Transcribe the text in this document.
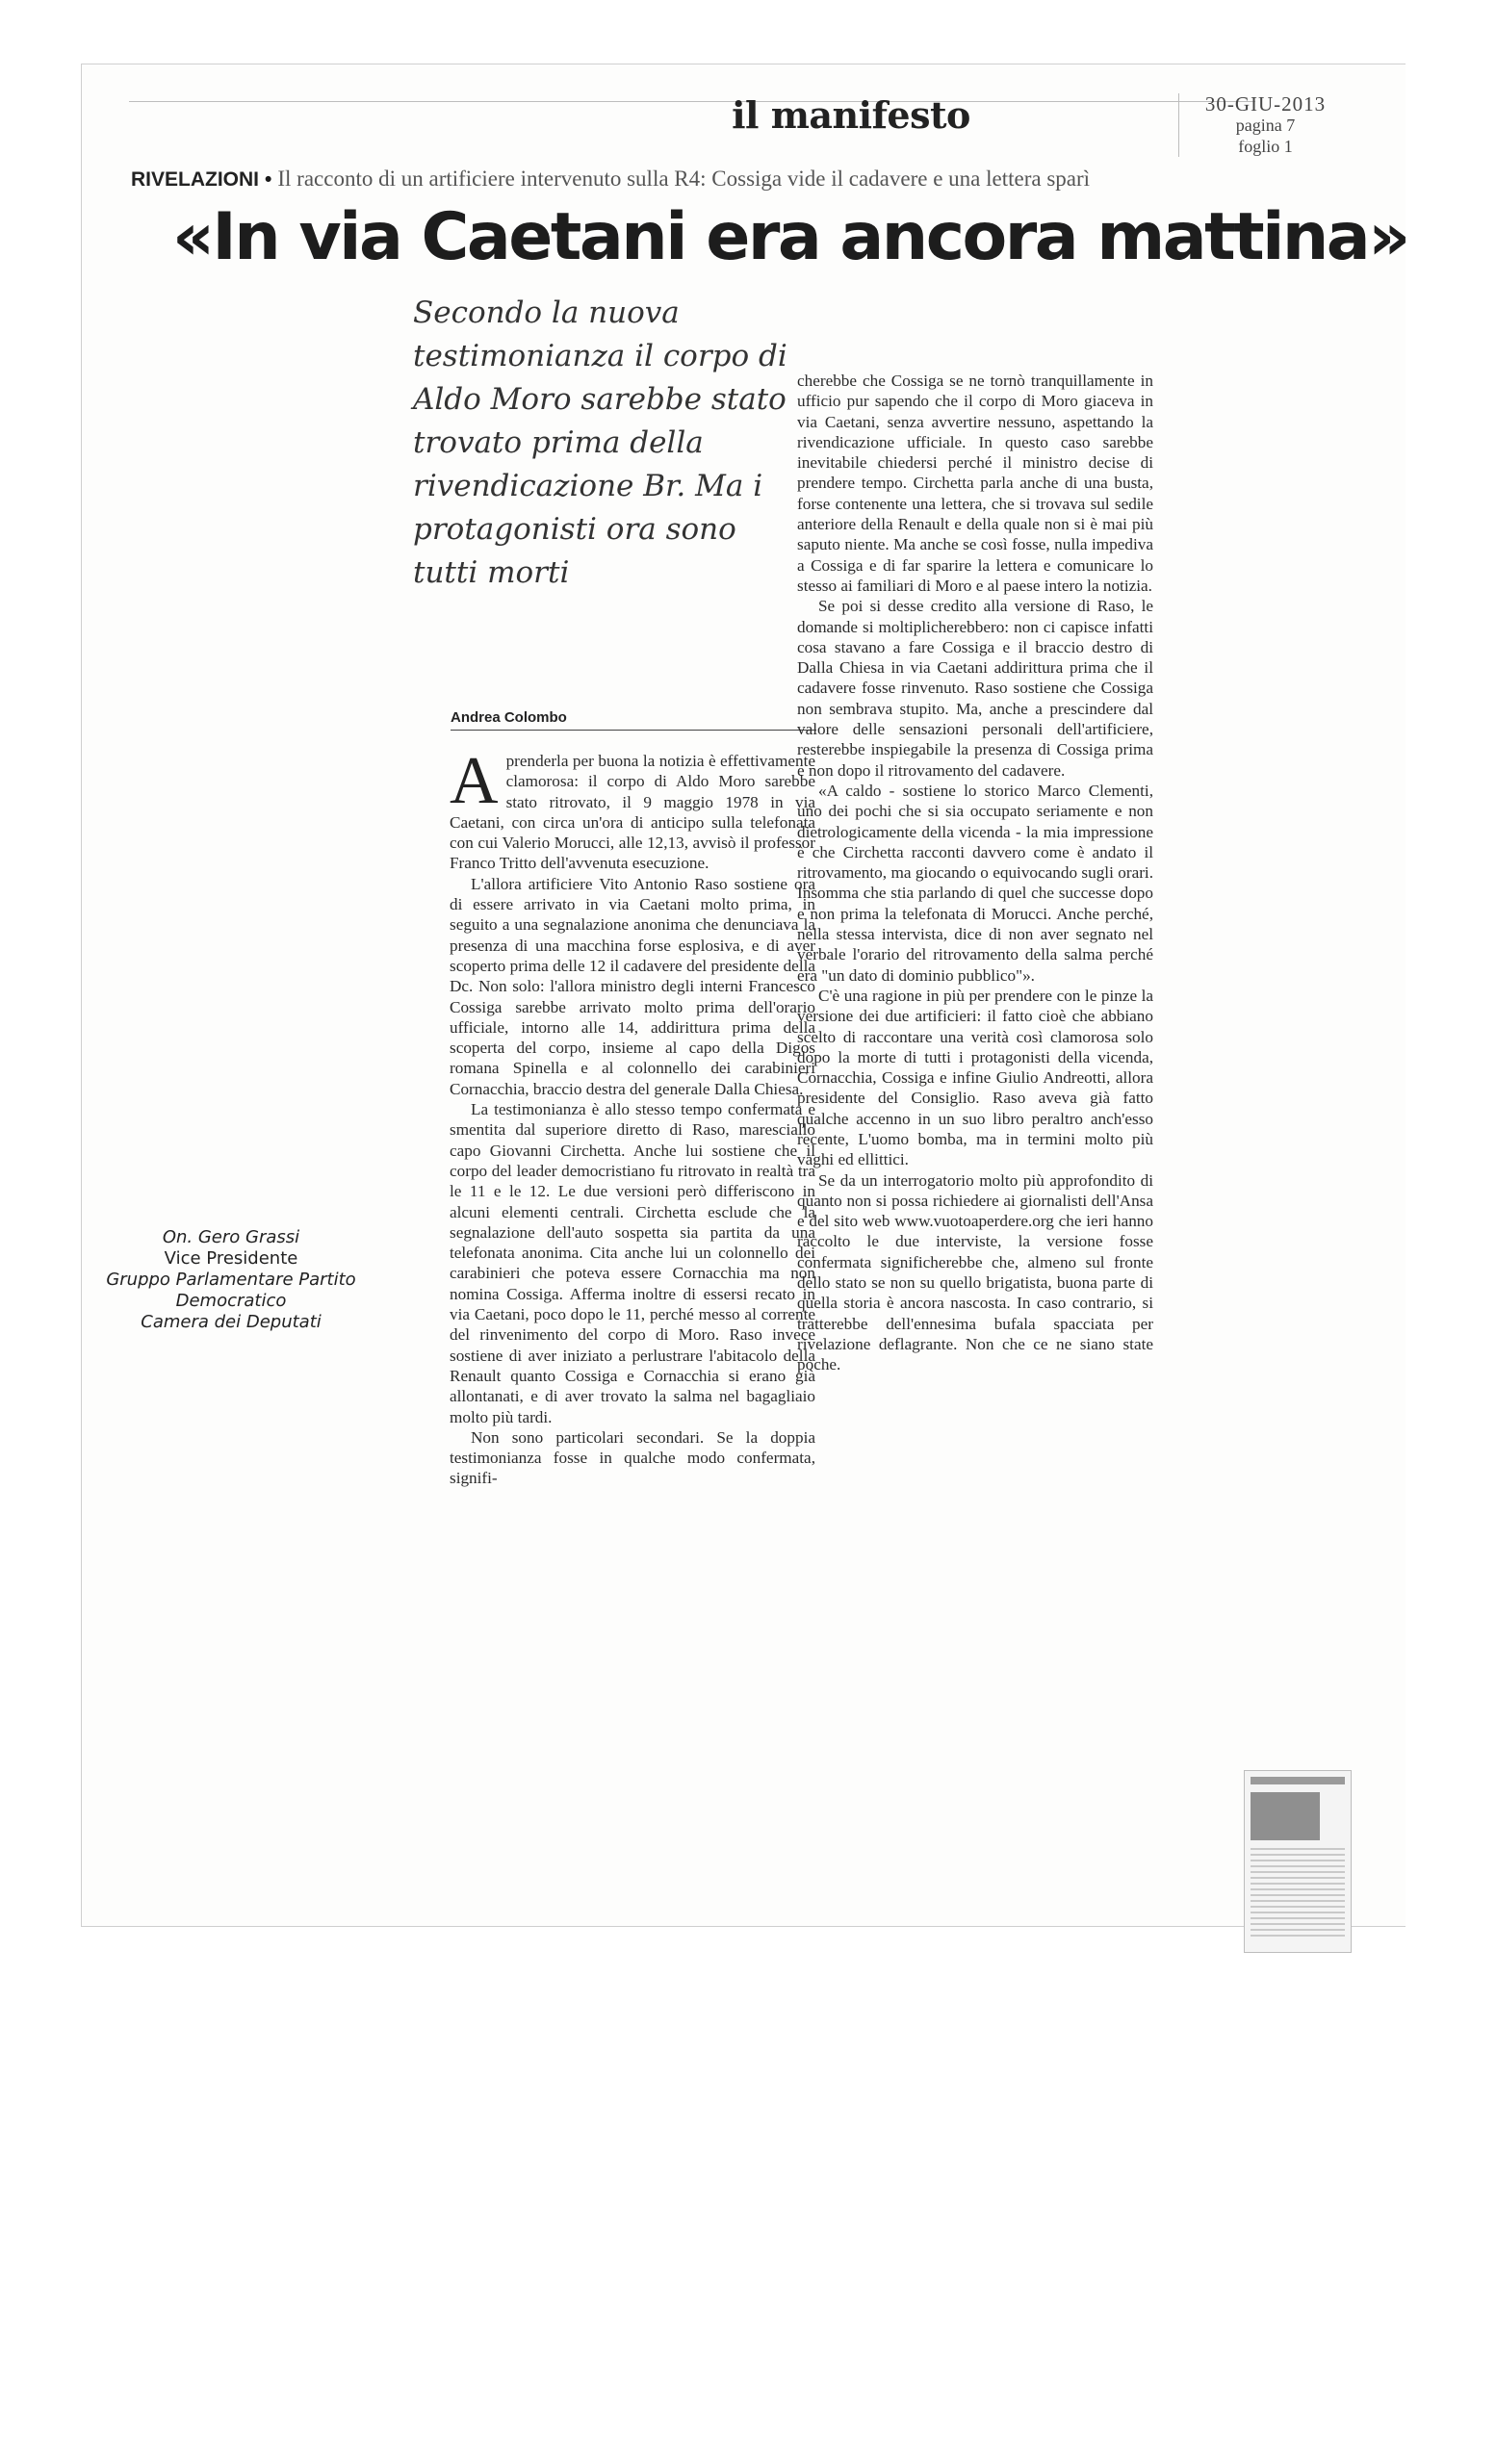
il manifesto	30-GIU-2013
pagina 7
foglio 1
RIVELAZIONI • Il racconto di un artificiere intervenuto sulla R4: Cossiga vide il cadavere e una lettera sparì
«In via Caetani era ancora mattina»
Secondo la nuova testimonianza il corpo di Aldo Moro sarebbe stato trovato prima della rivendicazione Br. Ma i protagonisti ora sono tutti morti
Andrea Colombo

Aprenderla per buona la notizia è effettivamente clamorosa: il corpo di Aldo Moro sarebbe stato ritrovato, il 9 maggio 1978 in via Caetani, con circa un'ora di anticipo sulla telefonata con cui Valerio Morucci, alle 12,13, avvisò il professor Franco Tritto dell'avvenuta esecuzione.

L'allora artificiere Vito Antonio Raso sostiene ora di essere arrivato in via Caetani molto prima, in seguito a una segnalazione anonima che denunciava la presenza di una macchina forse esplosiva, e di aver scoperto prima delle 12 il cadavere del presidente della Dc. Non solo: l'allora ministro degli interni Francesco Cossiga sarebbe arrivato molto prima dell'orario ufficiale, intorno alle 14, addirittura prima della scoperta del corpo, insieme al capo della Digos romana Spinella e al colonnello dei carabinieri Cornacchia, braccio destra del generale Dalla Chiesa.

La testimonianza è allo stesso tempo confermata e smentita dal superiore diretto di Raso, maresciallo capo Giovanni Circhetta. Anche lui sostiene che il corpo del leader democristiano fu ritrovato in realtà tra le 11 e le 12. Le due versioni però differiscono in alcuni elementi centrali. Circhetta esclude che la segnalazione dell'auto sospetta sia partita da una telefonata anonima. Cita anche lui un colonnello dei carabinieri che poteva essere Cornacchia ma non nomina Cossiga. Afferma inoltre di essersi recato in via Caetani, poco dopo le 11, perché messo al corrente del rinvenimento del corpo di Moro. Raso invece sostiene di aver iniziato a perlustrare l'abitacolo della Renault quanto Cossiga e Cornacchia si erano già allontanati, e di aver trovato la salma nel bagagliaio molto più tardi.

Non sono particolari secondari. Se la doppia testimonianza fosse in qualche modo confermata, signifi-

cherebbe che Cossiga se ne tornò tranquillamente in ufficio pur sapendo che il corpo di Moro giaceva in via Caetani, senza avvertire nessuno, aspettando la rivendicazione ufficiale. In questo caso sarebbe inevitabile chiedersi perché il ministro decise di prendere tempo. Circhetta parla anche di una busta, forse contenente una lettera, che si trovava sul sedile anteriore della Renault e della quale non si è mai più saputo niente. Ma anche se così fosse, nulla impediva a Cossiga e di far sparire la lettera e comunicare lo stesso ai familiari di Moro e al paese intero la notizia.

Se poi si desse credito alla versione di Raso, le domande si moltiplicherebbero: non ci capisce infatti cosa stavano a fare Cossiga e il braccio destro di Dalla Chiesa in via Caetani addirittura prima che il cadavere fosse rinvenuto. Raso sostiene che Cossiga non sembrava stupito. Ma, anche a prescindere dal valore delle sensazioni personali dell'artificiere, resterebbe inspiegabile la presenza di Cossiga prima e non dopo il ritrovamento del cadavere.

«A caldo - sostiene lo storico Marco Clementi, uno dei pochi che si sia occupato seriamente e non dietrologicamente della vicenda - la mia impressione è che Circhetta racconti davvero come è andato il ritrovamento, ma giocando o equivocando sugli orari. Insomma che stia parlando di quel che successe dopo e non prima la telefonata di Morucci. Anche perché, nella stessa intervista, dice di non aver segnato nel verbale l'orario del ritrovamento della salma perché era "un dato di dominio pubblico"».

C'è una ragione in più per prendere con le pinze la versione dei due artificieri: il fatto cioè che abbiano scelto di raccontare una verità così clamorosa solo dopo la morte di tutti i protagonisti della vicenda, Cornacchia, Cossiga e infine Giulio Andreotti, allora presidente del Consiglio. Raso aveva già fatto qualche accenno in un suo libro peraltro anch'esso recente, L'uomo bomba, ma in termini molto più vaghi ed ellittici.

Se da un interrogatorio molto più approfondito di quanto non si possa richiedere ai giornalisti dell'Ansa e del sito web www.vuotoaperdere.org che ieri hanno raccolto le due interviste, la versione fosse confermata significherebbe che, almeno sul fronte dello stato se non su quello brigatista, buona parte di quella storia è ancora nascosta. In caso contrario, si tratterebbe dell'ennesima bufala spacciata per rivelazione deflagrante. Non che ce ne siano state poche.

On. Gero Grassi
Vice Presidente
Gruppo Parlamentare Partito Democratico
Camera dei Deputati
